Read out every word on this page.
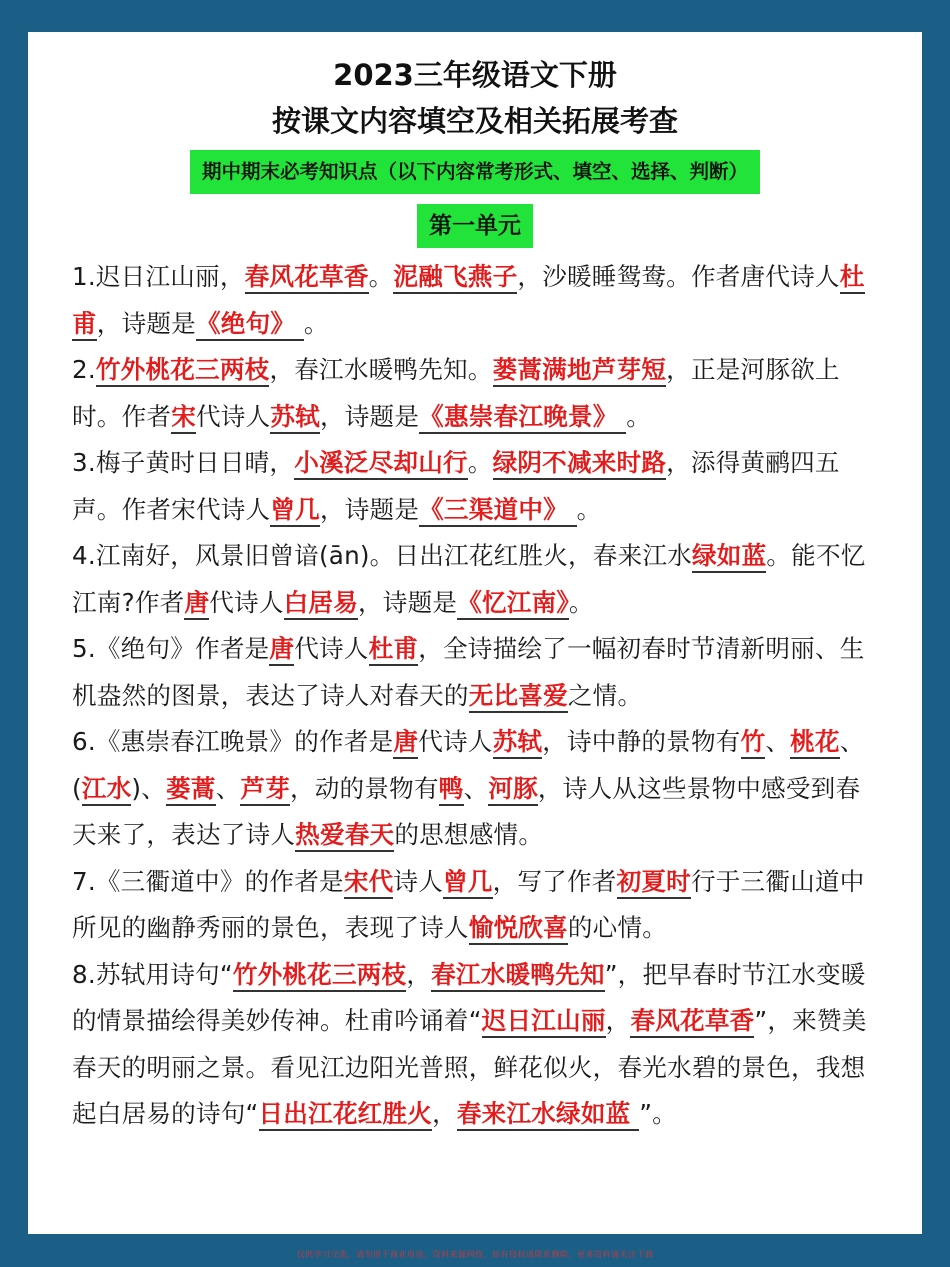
2023三年级语文下册

按课文内容填空及相关拓展考查

期中期末必考知识点（以下内容常考形式、填空、选择、判断）
第一单元

1.迟日江山丽，春风花草香。泥融飞燕子，沙暖睡鸳鸯。作者唐代诗人杜甫，诗题是《绝句》 。

2.竹外桃花三两枝，春江水暖鸭先知。蒌蒿满地芦芽短，正是河豚欲上时。作者宋代诗人苏轼，诗题是《惠崇春江晚景》 。

3.梅子黄时日日晴，小溪泛尽却山行。绿阴不减来时路，添得黄鹂四五声。作者宋代诗人曾几，诗题是《三渠道中》 。

4.江南好，风景旧曾谙(ān)。日出江花红胜火，春来江水绿如蓝。能不忆江南?作者唐代诗人白居易，诗题是《忆江南》。

5.《绝句》作者是唐代诗人杜甫，全诗描绘了一幅初春时节清新明丽、生机盎然的图景，表达了诗人对春天的无比喜爱之情。

6.《惠崇春江晚景》的作者是唐代诗人苏轼，诗中静的景物有竹、桃花、(江水)、蒌蒿、芦芽，动的景物有鸭、河豚，诗人从这些景物中感受到春天来了，表达了诗人热爱春天的思想感情。

7.《三衢道中》的作者是宋代诗人曾几，写了作者初夏时行于三衢山道中所见的幽静秀丽的景色，表现了诗人愉悦欣喜的心情。

8.苏轼用诗句“竹外桃花三两枝，春江水暖鸭先知”，把早春时节江水变暖的情景描绘得美妙传神。杜甫吟诵着“迟日江山丽，春风花草香”，来赞美春天的明丽之景。看见江边阳光普照，鲜花似火，春光水碧的景色，我想起白居易的诗句“日出江花红胜火，春来江水绿如蓝 ”。

仅供学习交流，请勿用于商业用途。资料来源网络，如有侵权请联系删除。更多资料请关注下载
